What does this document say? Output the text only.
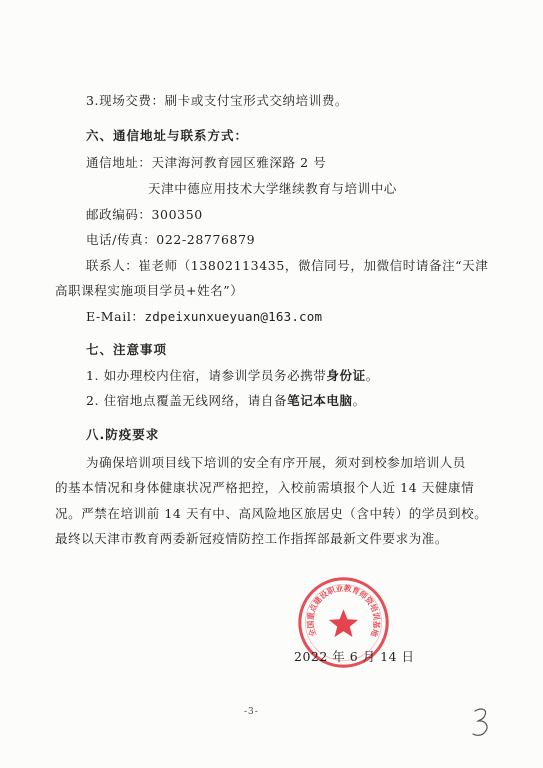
3.现场交费：刷卡或支付宝形式交纳培训费。
六、通信地址与联系方式：
通信地址：天津海河教育园区雅深路 2 号
天津中德应用技术大学继续教育与培训中心
邮政编码：300350
电话/传真：022-28776879
联系人：崔老师（13802113435，微信同号，加微信时请备注“天津
高职课程实施项目学员+姓名”）
E-Mail：zdpeixunxueyuan@163.com
七、注意事项
1. 如办理校内住宿，请参训学员务必携带身份证。
2. 住宿地点覆盖无线网络，请自备笔记本电脑。
八.防疫要求
为确保培训项目线下培训的安全有序开展，须对到校参加培训人员
的基本情况和身体健康状况严格把控，入校前需填报个人近 14 天健康情
况。严禁在培训前 14 天有中、高风险地区旅居史（含中转）的学员到校。
最终以天津市教育两委新冠疫情防控工作指挥部最新文件要求为准。
全国重点建设职业教育师资培训基地
2022 年 6 月 14 日
-3-
